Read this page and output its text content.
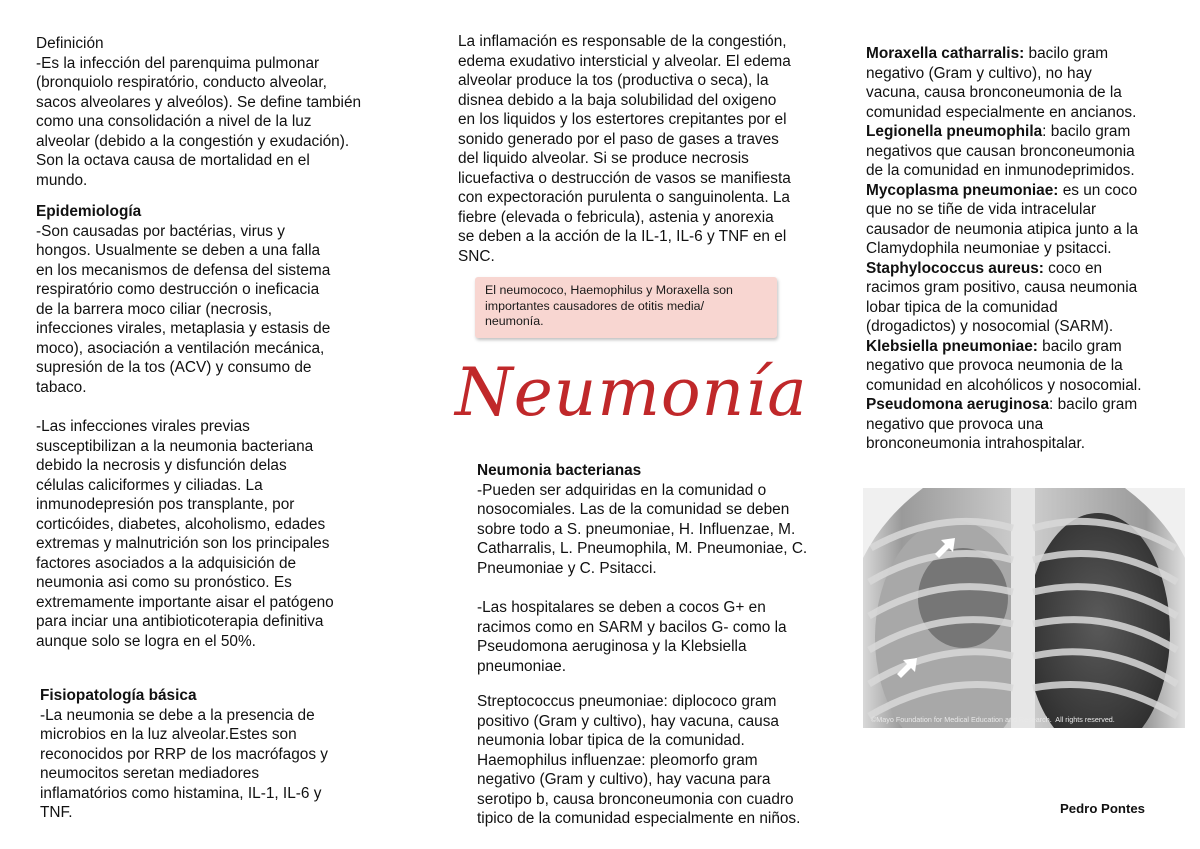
Definición

-Es la infección del parenquima pulmonar
(bronquiolo respiratório, conducto alveolar,
sacos alveolares y alveólos). Se define también
como una consolidación a nivel de la luz
alveolar (debido a la congestión y exudación).
Son la octava causa de mortalidad en el
mundo.

Epidemiología

-Son causadas por bactérias, virus y
hongos. Usualmente se deben a una falla
en los mecanismos de defensa del sistema
respiratório como destrucción o ineficacia
de la barrera moco ciliar (necrosis,
infecciones virales, metaplasia y estasis de
moco), asociación a ventilación mecánica,
supresión de la tos (ACV) y consumo de
tabaco.

-Las infecciones virales previas
susceptibilizan a la neumonia bacteriana
debido la necrosis y disfunción delas
células caliciformes y ciliadas. La
inmunodepresión pos transplante, por
corticóides, diabetes, alcoholismo, edades
extremas y malnutrición son los principales
factores asociados a la adquisición de
neumonia asi como su pronóstico. Es
extremamente importante aisar el patógeno
para inciar una antibioticoterapia definitiva
aunque solo se logra en el 50%.

Fisiopatología básica

-La neumonia se debe a la presencia de
microbios en la luz alveolar.Estes son
reconocidos por RRP de los macrófagos y
neumocitos seretan mediadores
inflamatórios como histamina, IL-1, IL-6 y
TNF.

La inflamación es responsable de la congestión,
edema exudativo intersticial y alveolar. El edema
alveolar produce la tos (productiva o seca), la
disnea debido a la baja solubilidad del oxigeno
en los liquidos y los estertores crepitantes por el
sonido generado por el paso de gases a traves
del liquido alveolar. Si se produce necrosis
licuefactiva o destrucción de vasos se manifiesta
con expectoración purulenta o sanguinolenta. La
fiebre (elevada o febricula), astenia y anorexia
se deben a la acción de la IL-1, IL-6 y TNF en el
SNC.

El neumococo, Haemophilus y Moraxella son
importantes causadores de otitis media/
neumonía.

Neumonía

Neumonia bacterianas

-Pueden ser adquiridas en la comunidad o
nosocomiales. Las de la comunidad se deben
sobre todo a S. pneumoniae, H. Influenzae, M.
Catharralis, L. Pneumophila, M. Pneumoniae, C.
Pneumoniae y C. Psitacci.

-Las hospitalares se deben a cocos G+ en
racimos como en SARM y bacilos G- como la
Pseudomona aeruginosa y la Klebsiella
pneumoniae.

Streptococcus pneumoniae: diplococo gram
positivo (Gram y cultivo), hay vacuna, causa
neumonia lobar tipica de la comunidad.
Haemophilus influenzae: pleomorfo gram
negativo (Gram y cultivo), hay vacuna para
serotipo b, causa bronconeumonia con cuadro
tipico de la comunidad especialmente en niños.

Moraxella catharralis: bacilo gram
negativo (Gram y cultivo), no hay
vacuna, causa bronconeumonia de la
comunidad especialmente en ancianos.
Legionella pneumophila: bacilo gram
negativos que causan bronconeumonia
de la comunidad en inmunodeprimidos.
Mycoplasma pneumoniae: es un coco
que no se tiñe de vida intracelular
causador de neumonia atipica junto a la
Clamydophila neumoniae y psitacci.
Staphylococcus aureus: coco en
racimos gram positivo, causa neumonia
lobar tipica de la comunidad
(drogadictos) y nosocomial (SARM).
Klebsiella pneumoniae: bacilo gram
negativo que provoca neumonia de la
comunidad en alcohólicos y nosocomial.
Pseudomona aeruginosa: bacilo gram
negativo que provoca una
bronconeumonia intrahospitalar.

©Mayo Foundation for Medical Education and Research.  All rights reserved.

Pedro Pontes
